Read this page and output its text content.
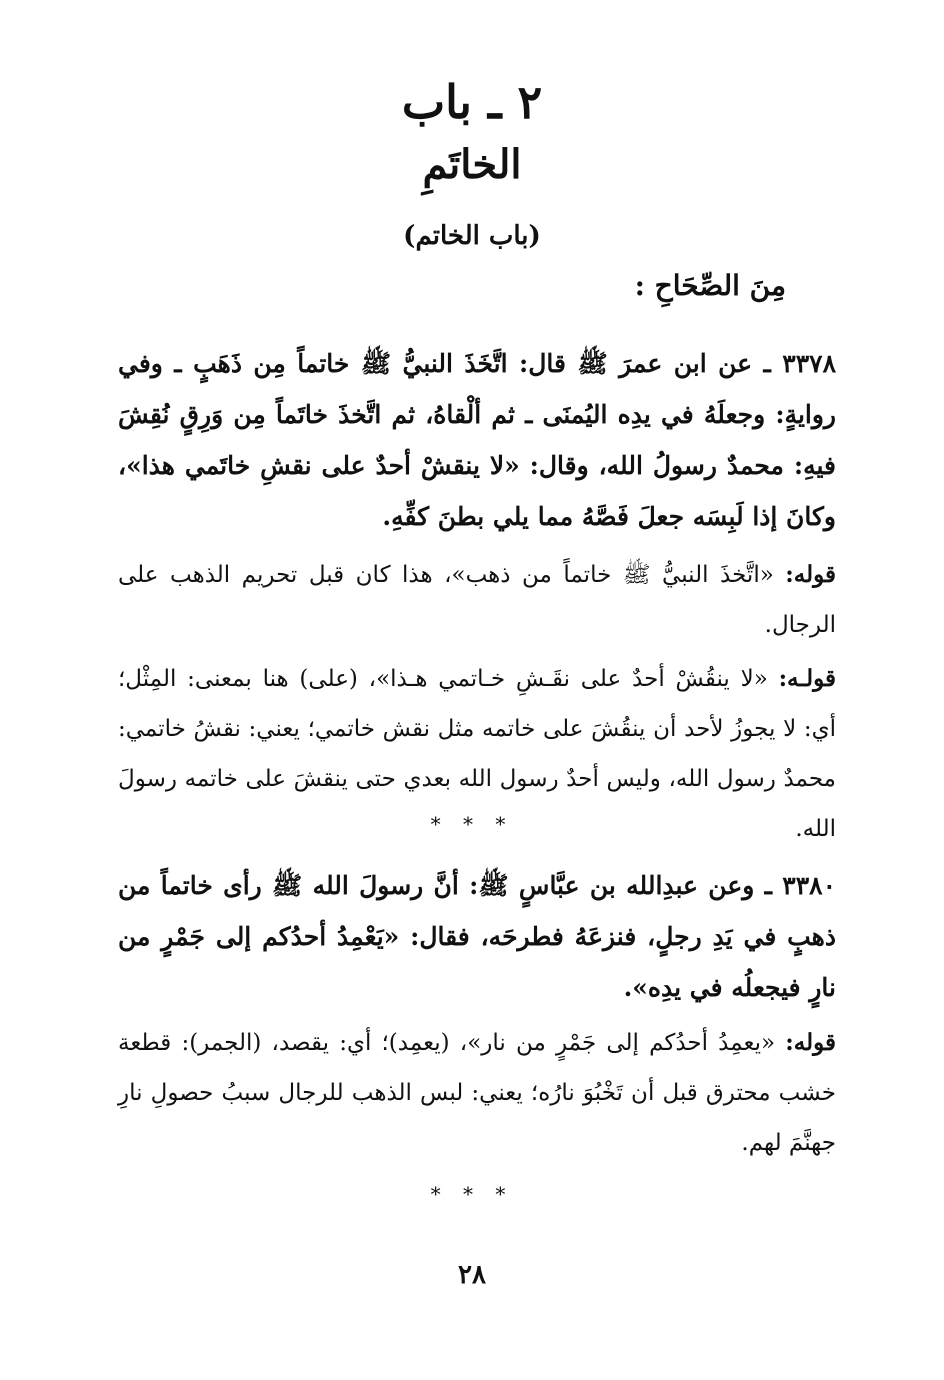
٢ ـ باب
الخاتَمِ
(باب الخاتم)
مِنَ الصِّحَاحِ :
٣٣٧٨ ـ عن ابن عمرَ ﷺ قال: اتَّخَذَ النبيُّ ﷺ خاتماً مِن ذَهَبٍ ـ وفي روايةٍ: وجعلَهُ في يدِه اليُمنَى ـ ثم ألْقاهُ، ثم اتَّخذَ خاتَماً مِن وَرِقٍ نُقِشَ فيهِ: محمدٌ رسولُ الله، وقال: «لا ينقشْ أحدٌ على نقشِ خاتَمي هذا»، وكانَ إذا لَبِسَه جعلَ فَصَّهُ مما يلي بطنَ كفِّهِ.
قوله: «اتَّخذَ النبيُّ ﷺ خاتماً من ذهب»، هذا كان قبل تحريم الذهب على الرجال.
قولـه: «لا ينقُشْ أحدٌ على نقَـشِ خـاتمي هـذا»، (على) هنا بمعنى: المِثْل؛ أي: لا يجوزُ لأحد أن ينقُشَ على خاتمه مثل نقش خاتمي؛ يعني: نقشُ خاتمي: محمدٌ رسول الله، وليس أحدٌ رسول الله بعدي حتى ينقشَ على خاتمه رسولَ الله.
* * *
٣٣٨٠ ـ وعن عبدِالله بن عبَّاسٍ ﷺ: أنَّ رسولَ الله ﷺ رأى خاتماً من ذهبٍ في يَدِ رجلٍ، فنزعَهُ فطرحَه، فقال: «يَعْمِدُ أحدُكم إلى جَمْرٍ من نارٍ فيجعلُه في يدِه».
قوله: «يعمِدُ أحدُكم إلى جَمْرٍ من نار»، (يعمِد)؛ أي: يقصد، (الجمر): قطعة خشب محترق قبل أن تَخْبُوَ نارُه؛ يعني: لبس الذهب للرجال سببُ حصولِ نارِ جهنَّمَ لهم.
* * *
٢٨
